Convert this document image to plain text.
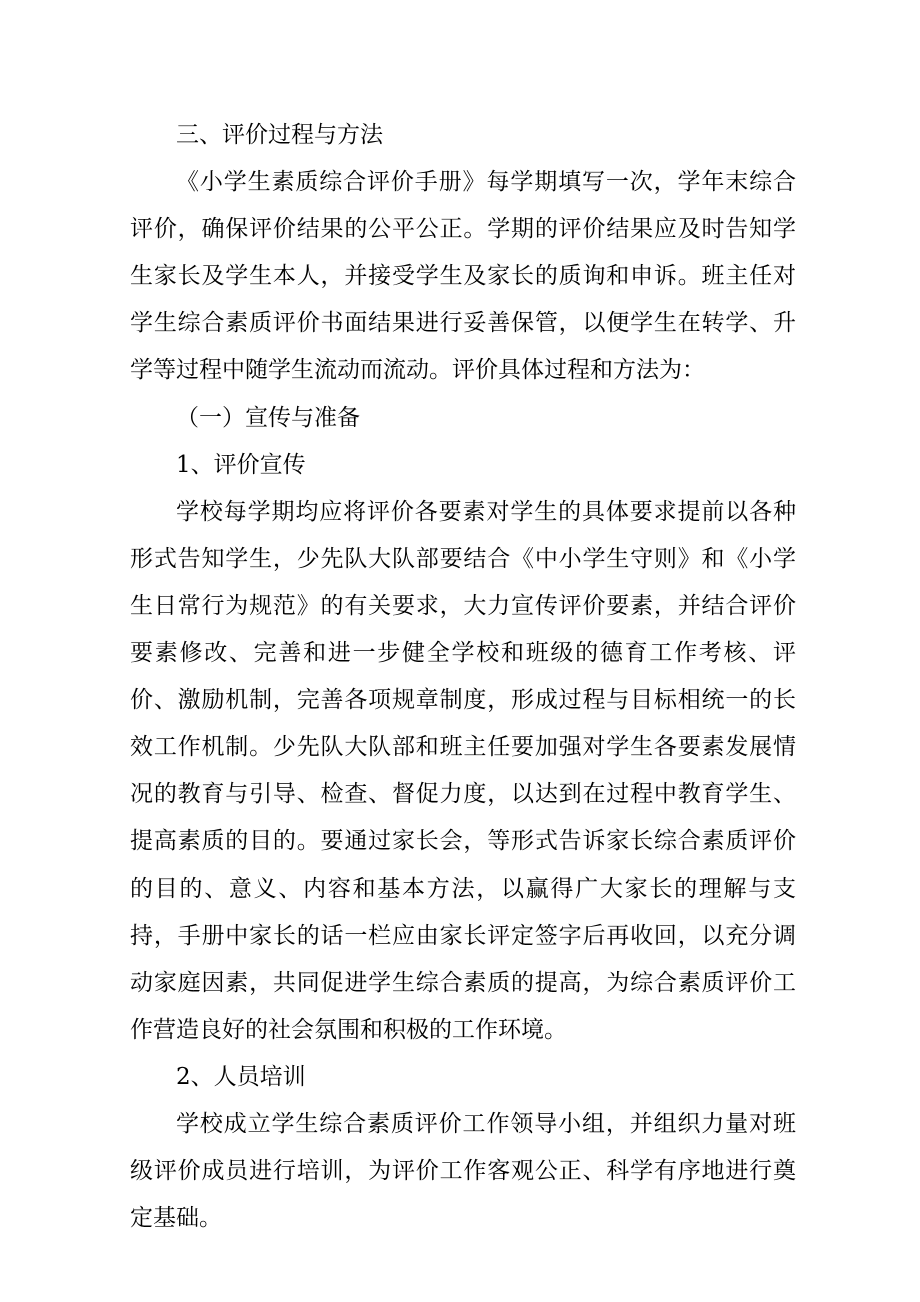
三、评价过程与方法

《小学生素质综合评价手册》每学期填写一次，学年末综合评价，确保评价结果的公平公正。学期的评价结果应及时告知学生家长及学生本人，并接受学生及家长的质询和申诉。班主任对学生综合素质评价书面结果进行妥善保管，以便学生在转学、升学等过程中随学生流动而流动。评价具体过程和方法为：

（一）宣传与准备

1、评价宣传

学校每学期均应将评价各要素对学生的具体要求提前以各种形式告知学生，少先队大队部要结合《中小学生守则》和《小学生日常行为规范》的有关要求，大力宣传评价要素，并结合评价要素修改、完善和进一步健全学校和班级的德育工作考核、评价、激励机制，完善各项规章制度，形成过程与目标相统一的长效工作机制。少先队大队部和班主任要加强对学生各要素发展情况的教育与引导、检查、督促力度，以达到在过程中教育学生、提高素质的目的。要通过家长会，等形式告诉家长综合素质评价的目的、意义、内容和基本方法，以赢得广大家长的理解与支持，手册中家长的话一栏应由家长评定签字后再收回，以充分调动家庭因素，共同促进学生综合素质的提高，为综合素质评价工作营造良好的社会氛围和积极的工作环境。

2、人员培训

学校成立学生综合素质评价工作领导小组，并组织力量对班级评价成员进行培训，为评价工作客观公正、科学有序地进行奠定基础。
